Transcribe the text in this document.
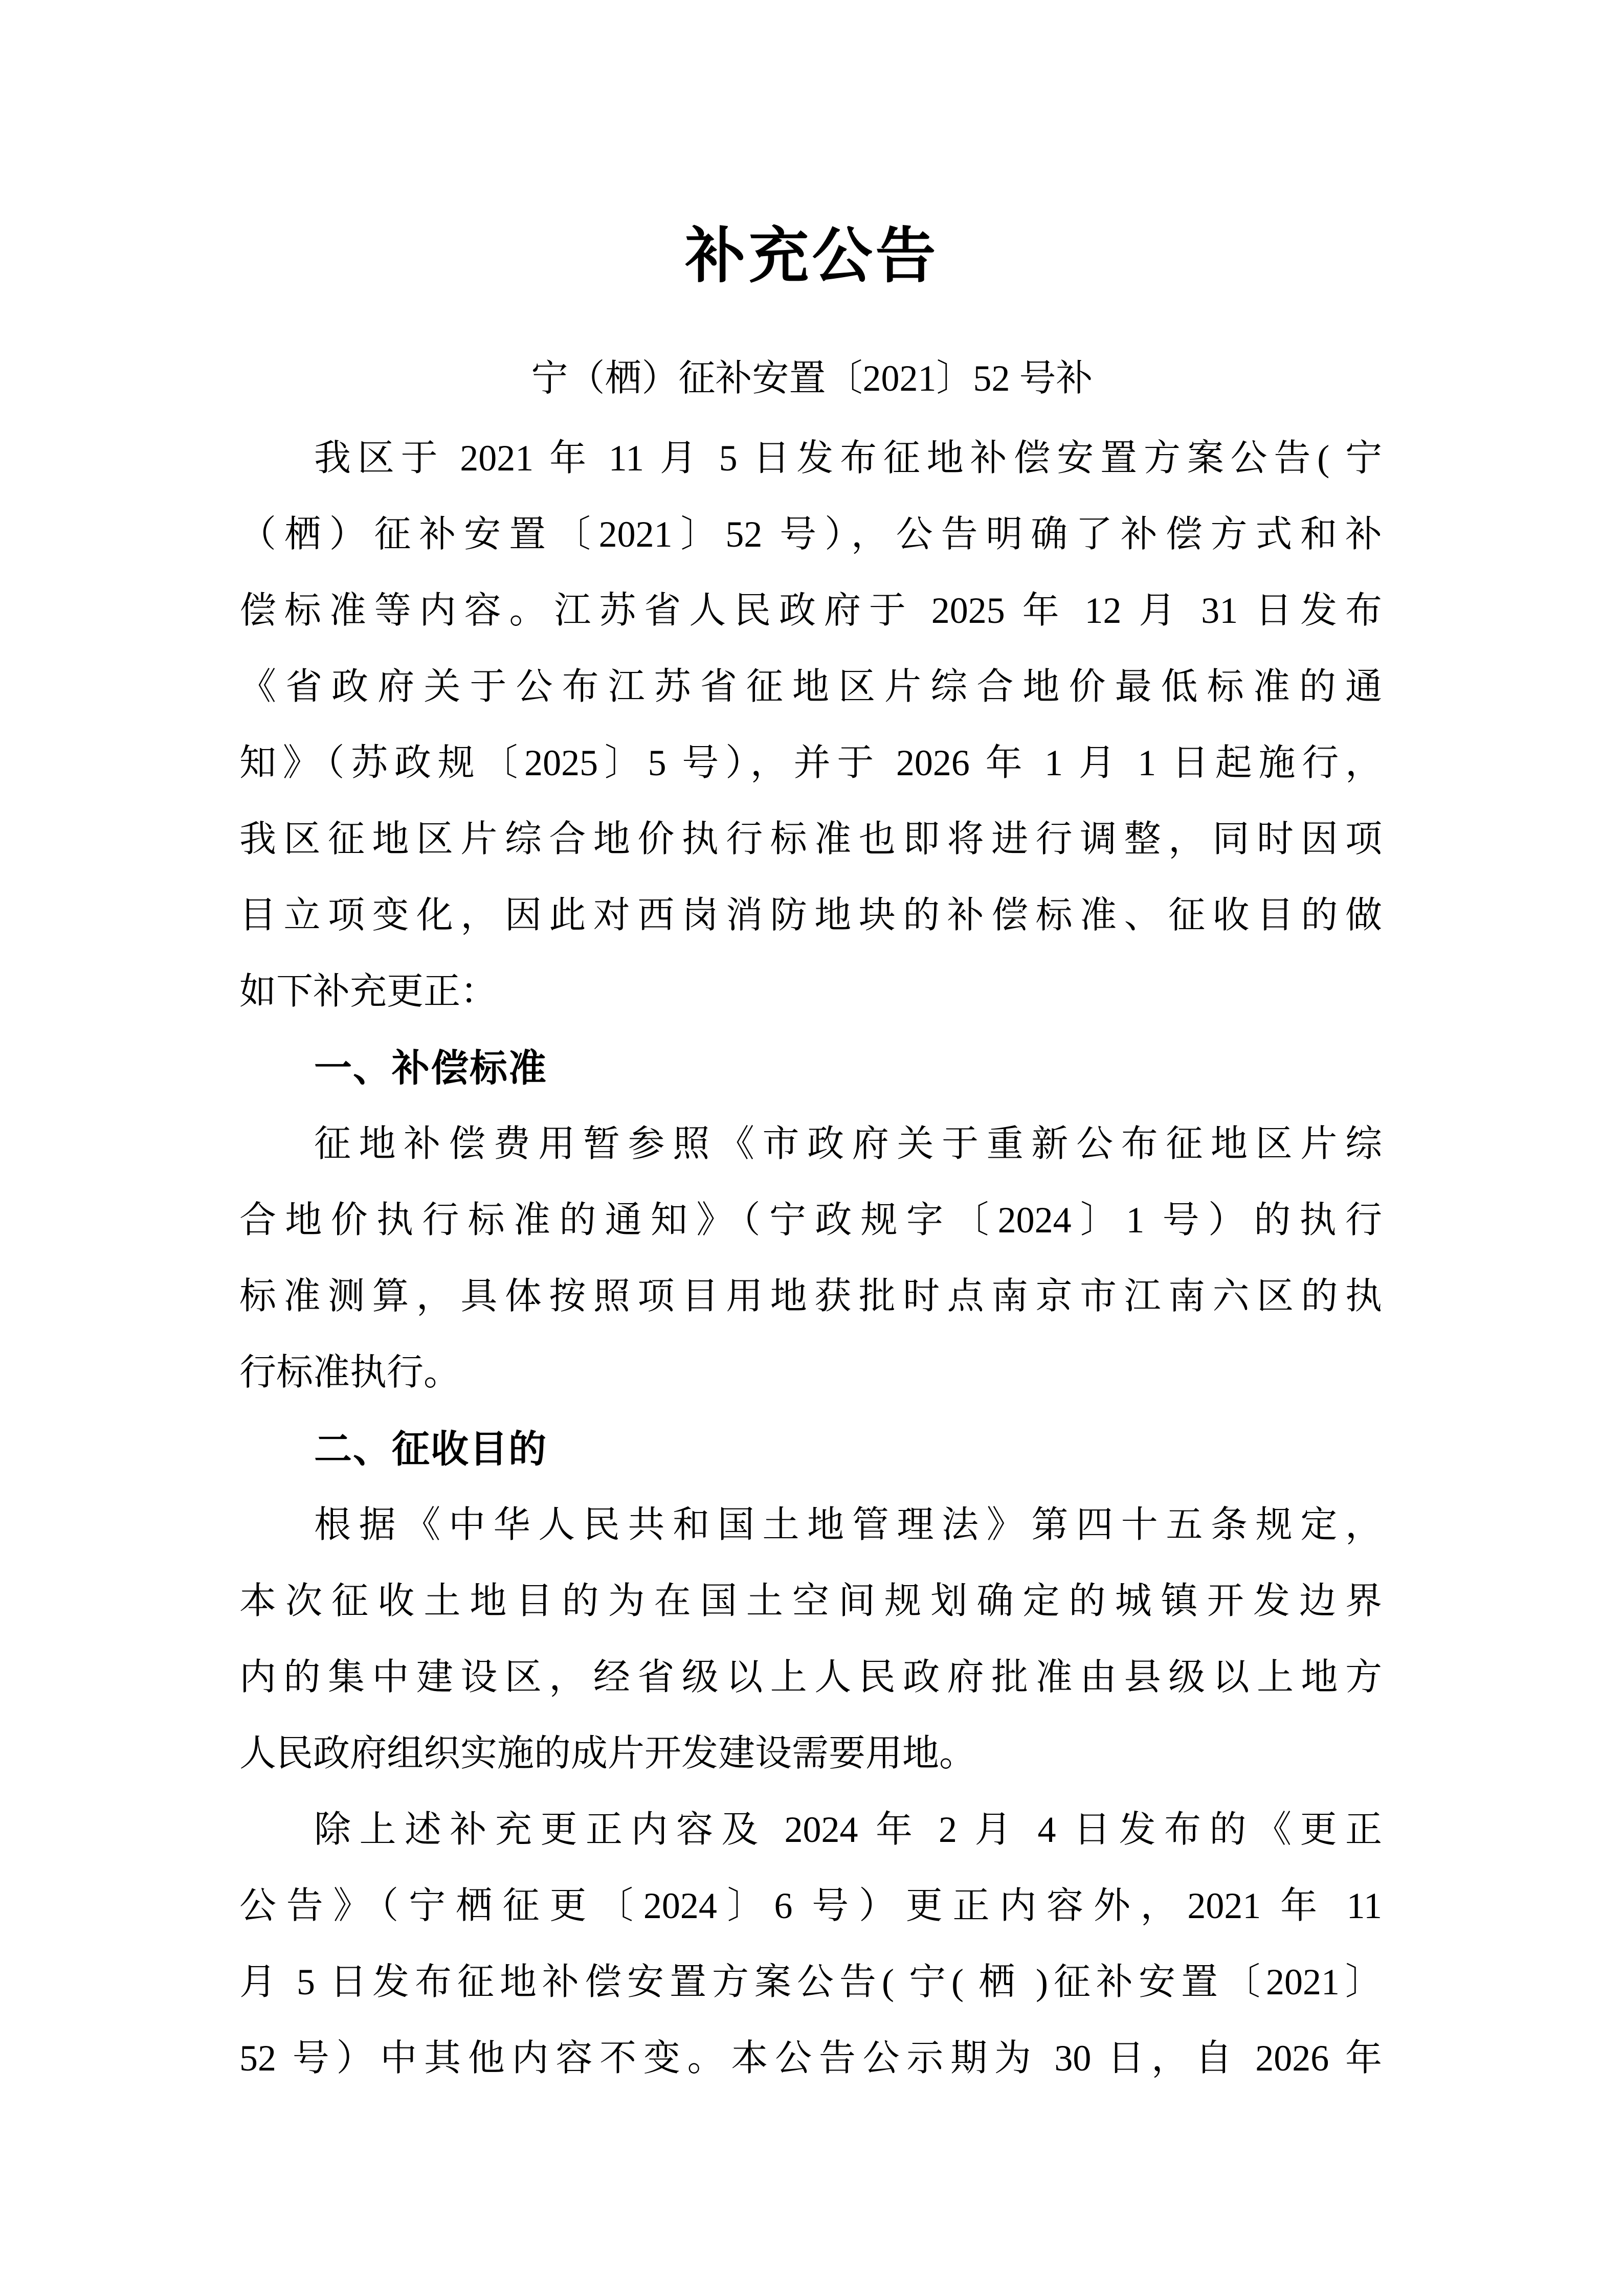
补充公告
宁（栖）征补安置〔2021〕52 号补
我区于 2021 年 11 月 5 日发布征地补偿安置方案公告( 宁
（栖）征补安置〔2021〕52 号），公告明确了补偿方式和补
偿标准等内容。江苏省人民政府于 2025 年 12 月 31 日发布
《省政府关于公布江苏省征地区片综合地价最低标准的通
知》（苏政规〔2025〕5 号），并于 2026 年 1 月 1 日起施行，
我区征地区片综合地价执行标准也即将进行调整，同时因项
目立项变化，因此对西岗消防地块的补偿标准、征收目的做
如下补充更正：
一、补偿标准
征地补偿费用暂参照《市政府关于重新公布征地区片综
合地价执行标准的通知》（宁政规字〔2024〕1 号）的执行
标准测算，具体按照项目用地获批时点南京市江南六区的执
行标准执行。
二、征收目的
根据《中华人民共和国土地管理法》第四十五条规定，
本次征收土地目的为在国土空间规划确定的城镇开发边界
内的集中建设区，经省级以上人民政府批准由县级以上地方
人民政府组织实施的成片开发建设需要用地。
除上述补充更正内容及 2024 年 2 月 4 日发布的《更正
公告》（宁栖征更〔2024〕6 号）更正内容外，2021 年 11
月 5 日发布征地补偿安置方案公告( 宁( 栖 )征补安置〔2021〕
52 号）中其他内容不变。本公告公示期为 30 日，自 2026 年
